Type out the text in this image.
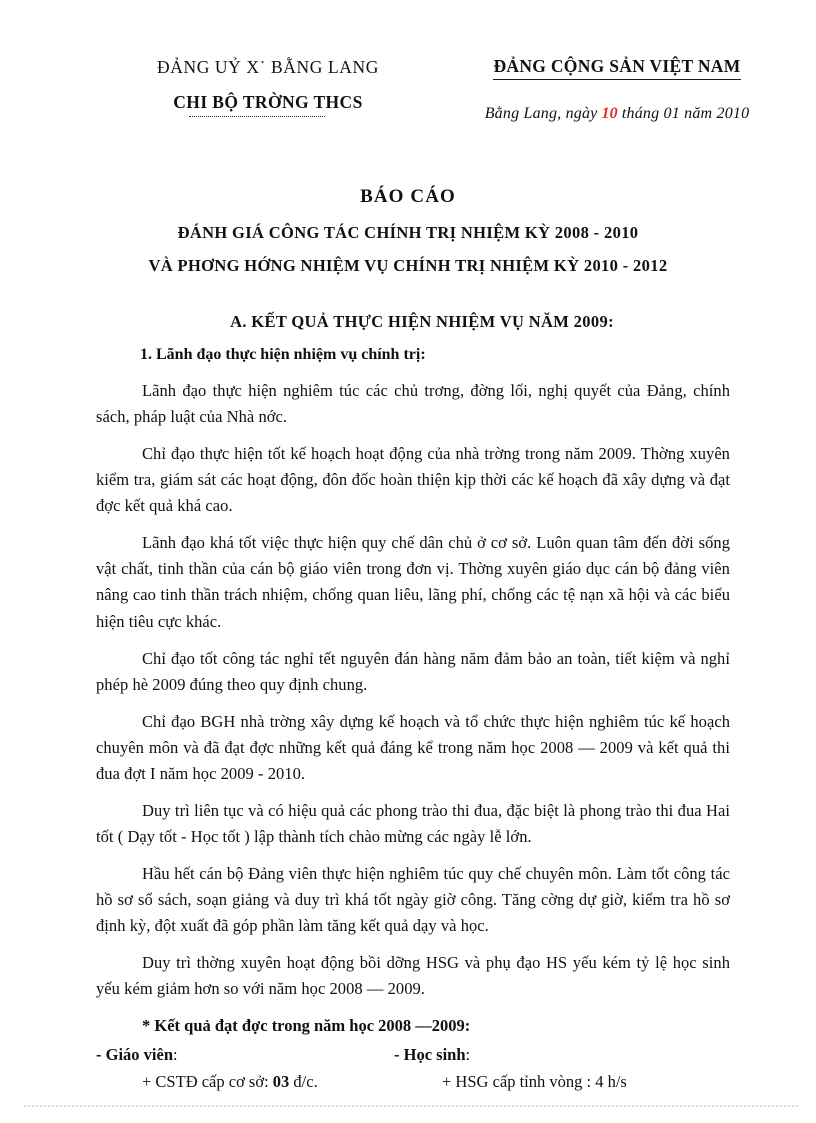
ĐẢNG UỶ X˙ BẰNG LANG
CHI BỘ TRỜNG THCS
ĐẢNG CỘNG SẢN VIỆT NAM
Bằng Lang, ngày 10 tháng 01 năm 2010
BÁO CÁO
ĐÁNH GIÁ CÔNG TÁC CHÍNH TRỊ NHIỆM KỲ 2008 - 2010
VÀ PHƠNG HỚNG NHIỆM VỤ CHÍNH TRỊ NHIỆM KỲ 2010 - 2012
A. KẾT QUẢ THỰC HIỆN NHIỆM VỤ NĂM 2009:
1. Lãnh đạo thực hiện nhiệm vụ chính trị:

Lãnh đạo thực hiện nghiêm túc các chủ trơng, đờng lối, nghị quyết của Đảng, chính sách, pháp luật của Nhà nớc.

Chỉ đạo thực hiện tốt kế hoạch hoạt động của nhà trờng trong năm 2009. Thờng xuyên kiểm tra, giám sát các hoạt động, đôn đốc hoàn thiện kịp thời các kế hoạch đã xây dựng và đạt đợc kết quả khá cao.

Lãnh đạo khá tốt việc thực hiện quy chế dân chủ ở cơ sở. Luôn quan tâm đến đời sống vật chất, tinh thần của cán bộ giáo viên trong đơn vị. Thờng xuyên giáo dục cán bộ đảng viên nâng cao tinh thần trách nhiệm, chống quan liêu, lãng phí, chống các tệ nạn xã hội và các biểu hiện tiêu cực khác.

Chỉ đạo tốt công tác nghỉ tết nguyên đán hàng năm đảm bảo an toàn, tiết kiệm và nghỉ phép hè 2009 đúng theo quy định chung.

Chỉ đạo BGH nhà trờng xây dựng kế hoạch và tổ chức thực hiện nghiêm túc kế hoạch chuyên môn và đã đạt đợc những kết quả đáng kể trong năm học 2008 — 2009 và kết quả thi đua đợt I năm học 2009 - 2010.

Duy trì liên tục và có hiệu quả các phong trào thi đua, đặc biệt là phong trào thi đua Hai tốt ( Dạy tốt - Học tốt ) lập thành tích chào mừng các ngày lễ lớn.

Hầu hết cán bộ Đảng viên thực hiện nghiêm túc quy chế chuyên môn. Làm tốt công tác hồ sơ sổ sách, soạn giảng và duy trì khá tốt ngày giờ công. Tăng cờng dự giờ, kiểm tra hồ sơ định kỳ, đột xuất đã góp phần làm tăng kết quả dạy và học.

Duy trì thờng xuyên hoạt động bồi dỡng HSG và phụ đạo HS yếu kém tỷ lệ học sinh yếu kém giảm hơn so với năm học 2008 — 2009.

* Kết quả đạt đợc trong năm học 2008 —2009:
- Giáo viên:	- Học sinh:
+ CSTĐ cấp cơ sở: 03 đ/c.	+ HSG cấp tỉnh vòng : 4 h/s
